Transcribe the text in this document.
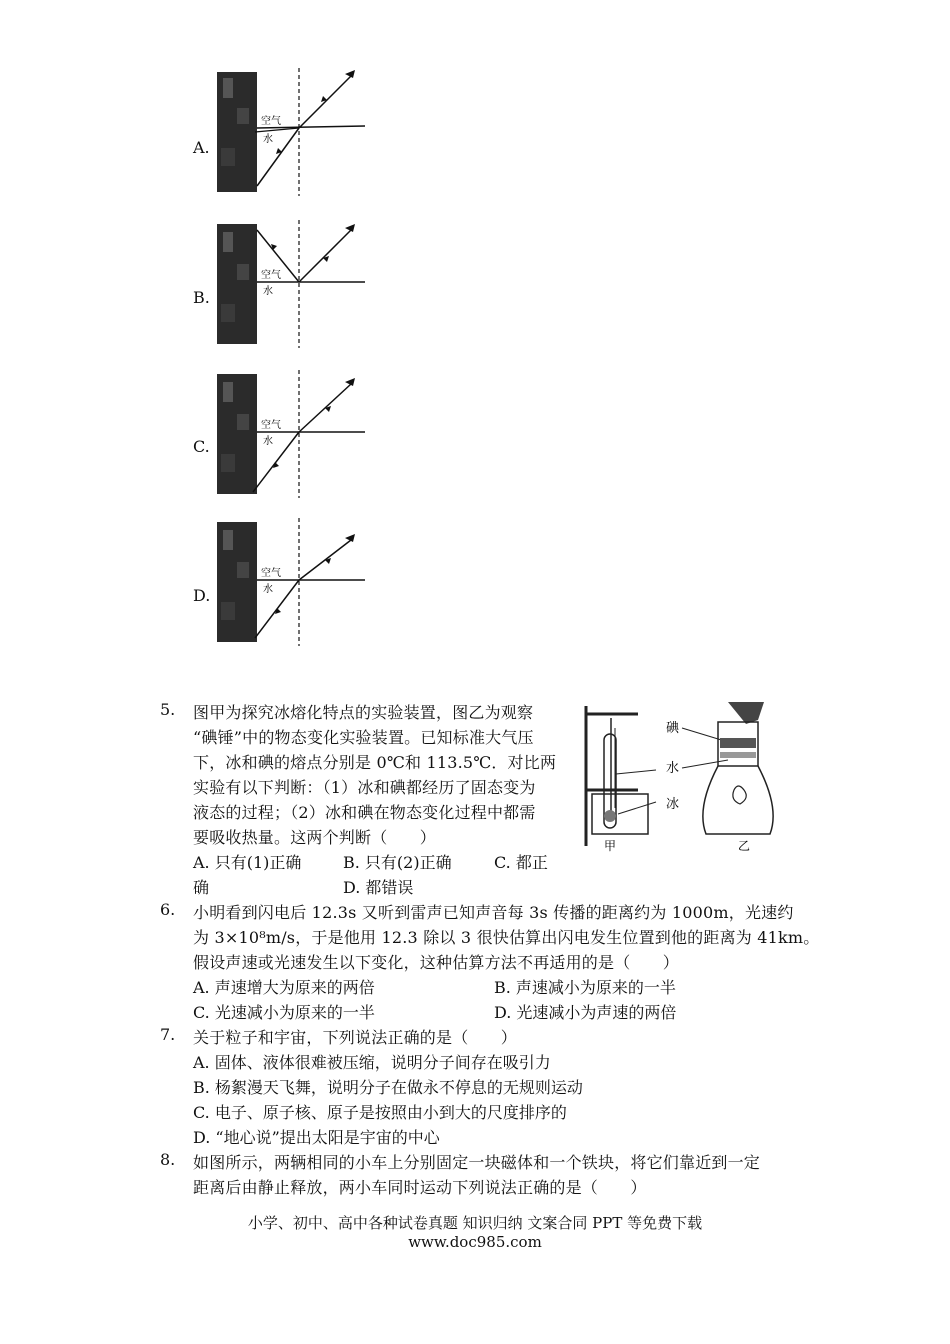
A.
空气
水
B.
空气
水
C.
空气
水
D.
空气
水
5. 图甲为探究冰熔化特点的实验装置，图乙为观察
“碘锤”中的物态变化实验装置。已知标准大气压
下，冰和碘的熔点分别是 0℃和 113.5℃．对比两
实验有以下判断：（1）冰和碘都经历了固态变为
液态的过程；（2）冰和碘在物态变化过程中都需
要吸收热量。这两个判断（　　）
A. 只有(1)正确	B. 只有(2)正确	C. 都正
确	D. 都错误
甲
碘
水
冰
乙
6. 小明看到闪电后 12.3s 又听到雷声已知声音每 3s 传播的距离约为 1000m，光速约
为 3×10⁸m/s，于是他用 12.3 除以 3 很快估算出闪电发生位置到他的距离为 41km。
假设声速或光速发生以下变化，这种估算方法不再适用的是（　　）
A. 声速增大为原来的两倍	B. 声速减小为原来的一半
C. 光速减小为原来的一半	D. 光速减小为声速的两倍
7. 关于粒子和宇宙，下列说法正确的是（　　）
A. 固体、液体很难被压缩，说明分子间存在吸引力
B. 杨絮漫天飞舞，说明分子在做永不停息的无规则运动
C. 电子、原子核、原子是按照由小到大的尺度排序的
D. “地心说”提出太阳是宇宙的中心
8. 如图所示，两辆相同的小车上分别固定一块磁体和一个铁块，将它们靠近到一定
距离后由静止释放，两小车同时运动下列说法正确的是（　　）
小学、初中、高中各种试卷真题 知识归纳 文案合同 PPT 等免费下载
www.doc985.com
